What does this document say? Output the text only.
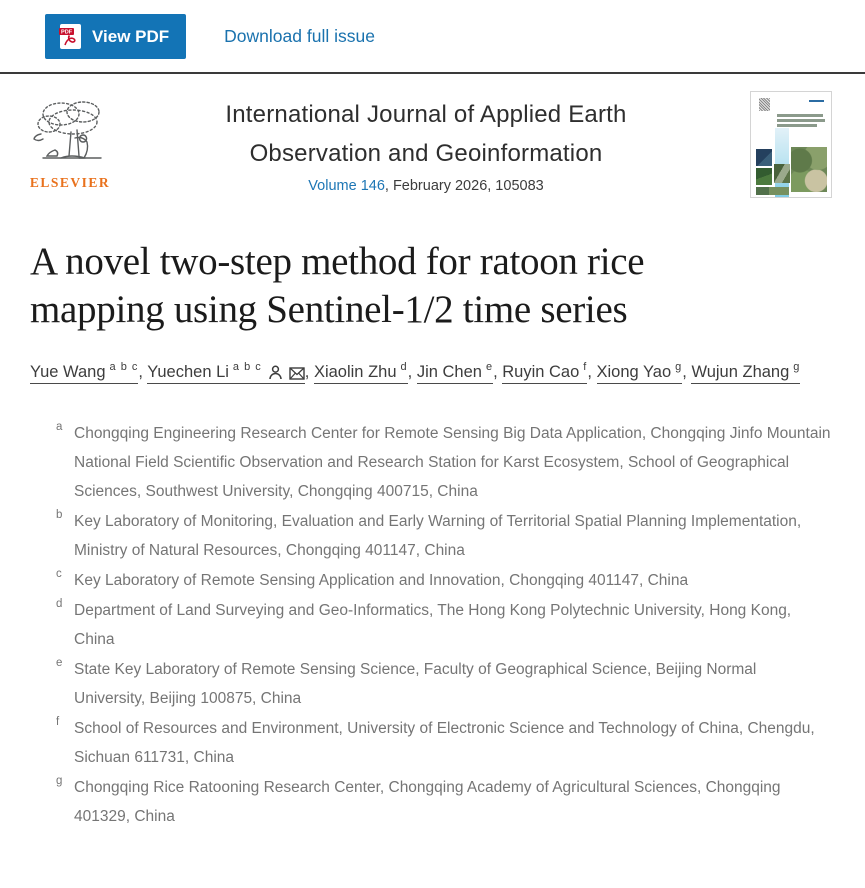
PDF View PDF	Download full issue
ELSEVIER
International Journal of Applied Earth
Observation and Geoinformation
Volume 146, February 2026, 105083
A novel two-step method for ratoon rice
mapping using Sentinel-1/2 time series
Yue Wang $^{a b c}$, Yuechen Li $^{a b c}$	, Xiaolin Zhu $^d$, Jin Chen $^e$, Ruyin Cao $^f$, Xiong Yao $^g$, Wujun Zhang $^g$
a Chongqing Engineering Research Center for Remote Sensing Big Data Application, Chongqing Jinfo Mountain National Field Scientific Observation and Research Station for Karst Ecosystem, School of Geographical Sciences, Southwest University, Chongqing 400715, China
b Key Laboratory of Monitoring, Evaluation and Early Warning of Territorial Spatial Planning Implementation, Ministry of Natural Resources, Chongqing 401147, China
c Key Laboratory of Remote Sensing Application and Innovation, Chongqing 401147, China
d Department of Land Surveying and Geo-Informatics, The Hong Kong Polytechnic University, Hong Kong, China
e State Key Laboratory of Remote Sensing Science, Faculty of Geographical Science, Beijing Normal University, Beijing 100875, China
f School of Resources and Environment, University of Electronic Science and Technology of China, Chengdu, Sichuan 611731, China
g Chongqing Rice Ratooning Research Center, Chongqing Academy of Agricultural Sciences, Chongqing 401329, China
